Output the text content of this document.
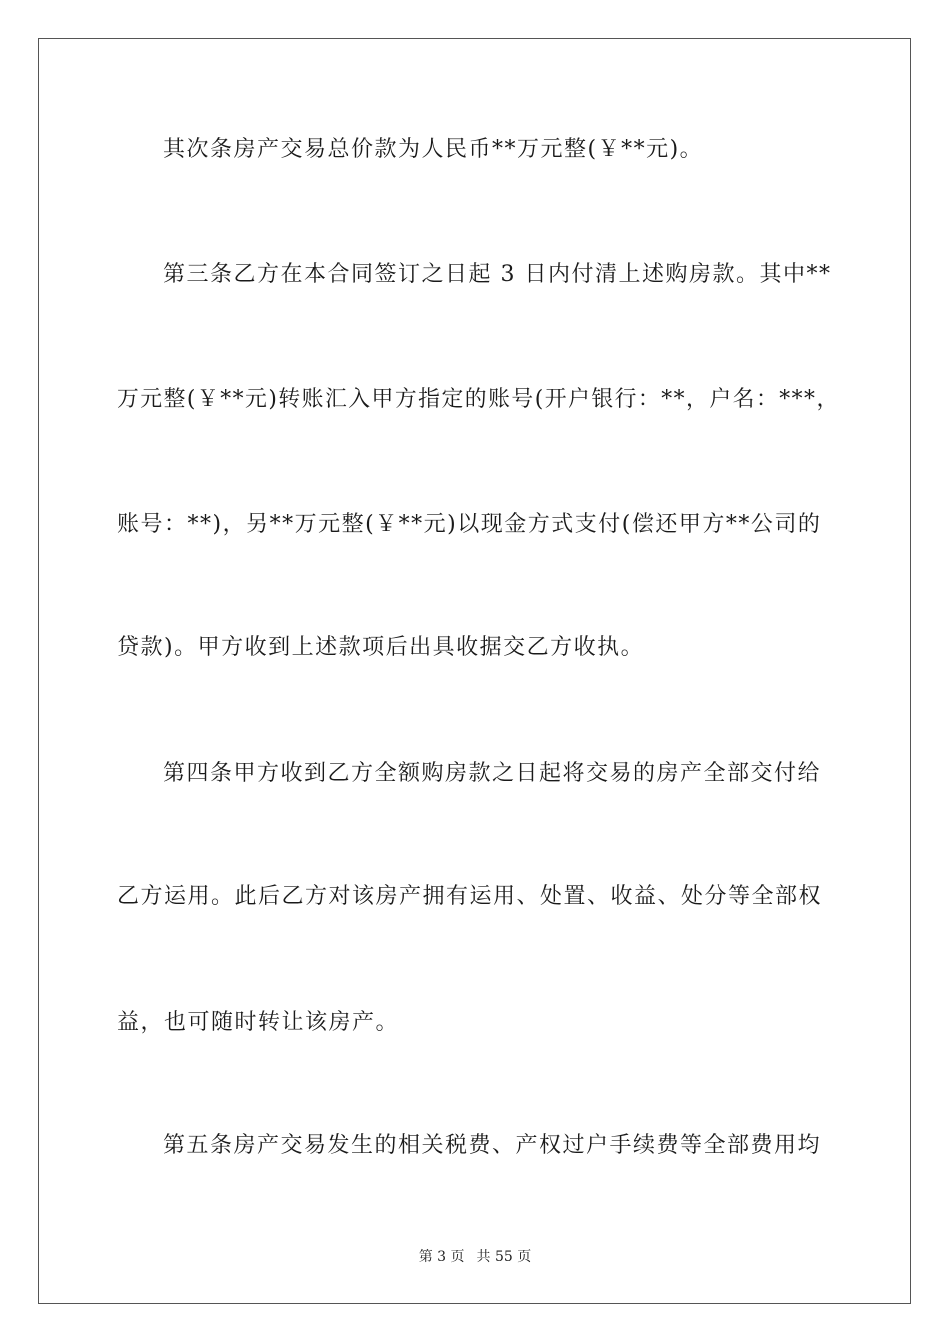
其次条房产交易总价款为人民币**万元整(￥**元)。
第三条乙方在本合同签订之日起 3 日内付清上述购房款。其中**
万元整(￥**元)转账汇入甲方指定的账号(开户银行：**，户名：***，
账号：**)，另**万元整(￥**元)以现金方式支付(偿还甲方**公司的
贷款)。甲方收到上述款项后出具收据交乙方收执。
第四条甲方收到乙方全额购房款之日起将交易的房产全部交付给
乙方运用。此后乙方对该房产拥有运用、处置、收益、处分等全部权
益，也可随时转让该房产。
第五条房产交易发生的相关税费、产权过户手续费等全部费用均
第 3 页 共 55 页
